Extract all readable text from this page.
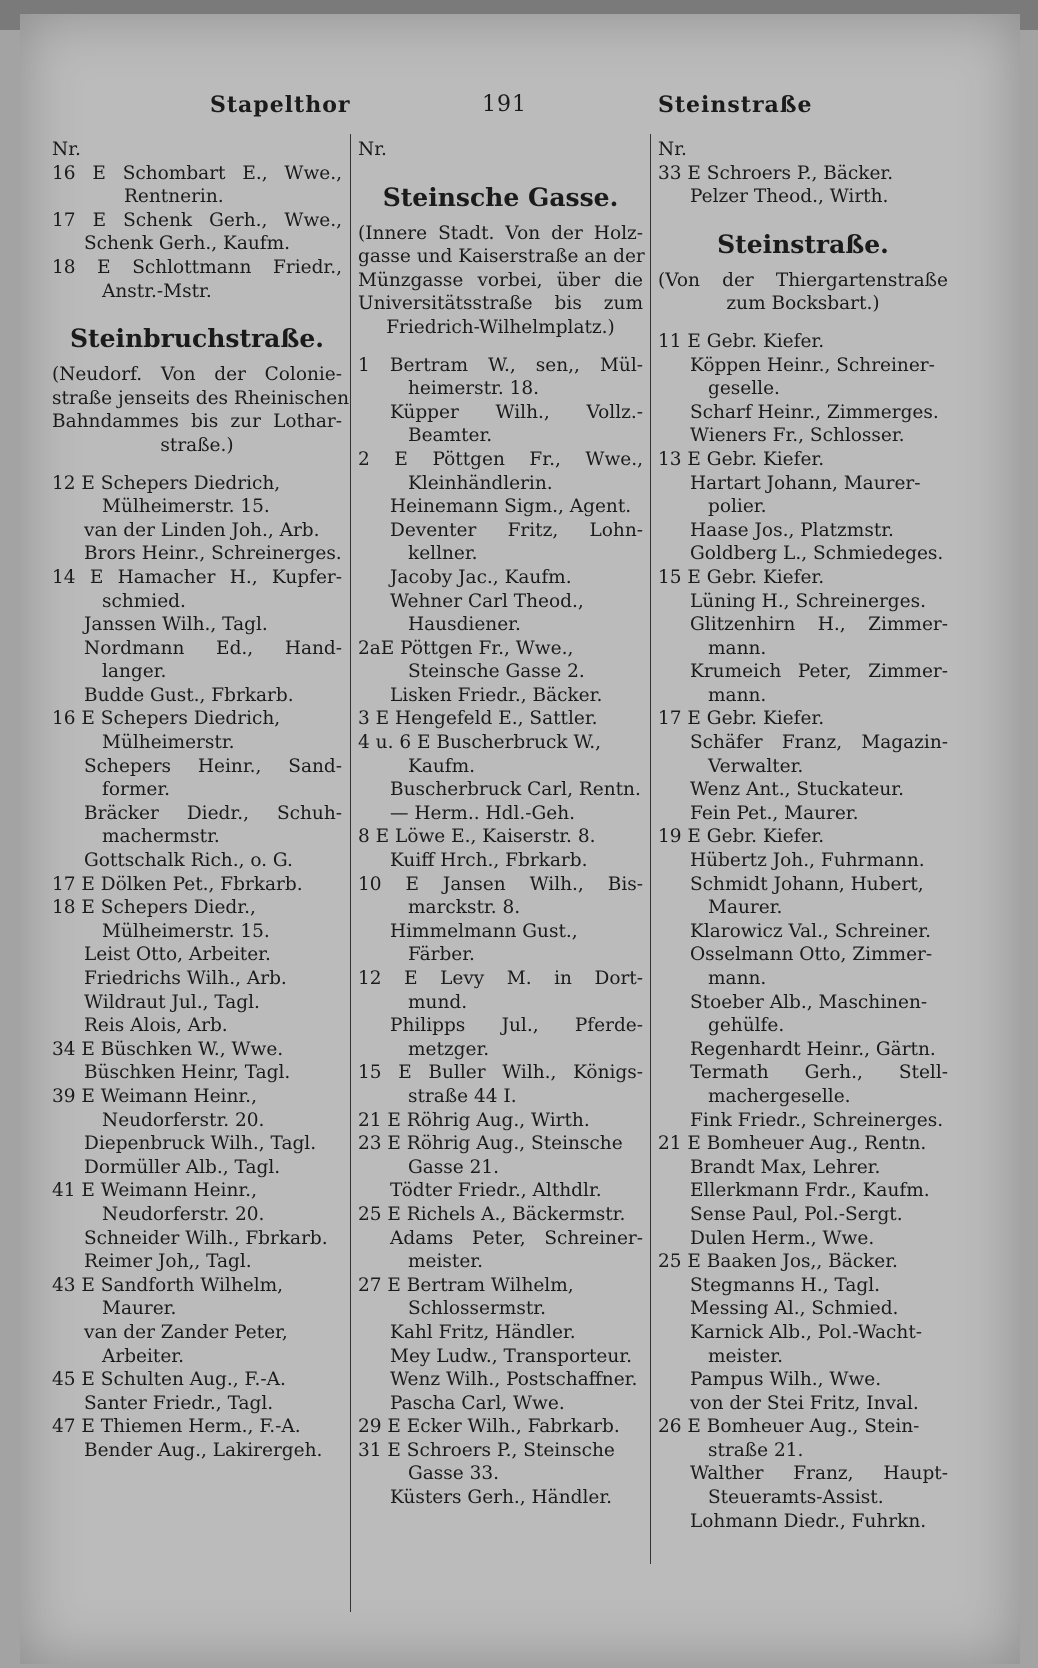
Stapelthor	191	Steinstraße
Nr.
16 E Schombart E., Wwe.,
Rentnerin.
17 E Schenk Gerh., Wwe.,
Schenk Gerh., Kaufm.
18 E Schlottmann Friedr.,
Anstr.-Mstr.
Steinbruchstraße.
(Neudorf. Von der Colonie-
straße jenseits des Rheinischen
Bahndammes bis zur Lothar-
straße.)
12 E Schepers Diedrich,
Mülheimerstr. 15.
van der Linden Joh., Arb.
Brors Heinr., Schreinerges.
14 E Hamacher H., Kupfer-
schmied.
Janssen Wilh., Tagl.
Nordmann Ed., Hand-
langer.
Budde Gust., Fbrkarb.
16 E Schepers Diedrich,
Mülheimerstr.
Schepers Heinr., Sand-
former.
Bräcker Diedr., Schuh-
machermstr.
Gottschalk Rich., o. G.
17 E Dölken Pet., Fbrkarb.
18 E Schepers Diedr.,
Mülheimerstr. 15.
Leist Otto, Arbeiter.
Friedrichs Wilh., Arb.
Wildraut Jul., Tagl.
Reis Alois, Arb.
34 E Büschken W., Wwe.
Büschken Heinr, Tagl.
39 E Weimann Heinr.,
Neudorferstr. 20.
Diepenbruck Wilh., Tagl.
Dormüller Alb., Tagl.
41 E Weimann Heinr.,
Neudorferstr. 20.
Schneider Wilh., Fbrkarb.
Reimer Joh,, Tagl.
43 E Sandforth Wilhelm,
Maurer.
van der Zander Peter,
Arbeiter.
45 E Schulten Aug., F.-A.
Santer Friedr., Tagl.
47 E Thiemen Herm., F.-A.
Bender Aug., Lakirergeh.
Nr.
Steinsche Gasse.
(Innere Stadt. Von der Holz-
gasse und Kaiserstraße an der
Münzgasse vorbei, über die
Universitätsstraße bis zum
Friedrich-Wilhelmplatz.)
1 Bertram W., sen,, Mül-
heimerstr. 18.
Küpper Wilh., Vollz.-
Beamter.
2 E Pöttgen Fr., Wwe.,
Kleinhändlerin.
Heinemann Sigm., Agent.
Deventer Fritz, Lohn-
kellner.
Jacoby Jac., Kaufm.
Wehner Carl Theod.,
Hausdiener.
2aE Pöttgen Fr., Wwe.,
Steinsche Gasse 2.
Lisken Friedr., Bäcker.
3 E Hengefeld E., Sattler.
4 u. 6 E Buscherbruck W.,
Kaufm.
Buscherbruck Carl, Rentn.
— Herm.. Hdl.-Geh.
8 E Löwe E., Kaiserstr. 8.
Kuiff Hrch., Fbrkarb.
10 E Jansen Wilh., Bis-
marckstr. 8.
Himmelmann Gust.,
Färber.
12 E Levy M. in Dort-
mund.
Philipps Jul., Pferde-
metzger.
15 E Buller Wilh., Königs-
straße 44 I.
21 E Röhrig Aug., Wirth.
23 E Röhrig Aug., Steinsche
Gasse 21.
Tödter Friedr., Althdlr.
25 E Richels A., Bäckermstr.
Adams Peter, Schreiner-
meister.
27 E Bertram Wilhelm,
Schlossermstr.
Kahl Fritz, Händler.
Mey Ludw., Transporteur.
Wenz Wilh., Postschaffner.
Pascha Carl, Wwe.
29 E Ecker Wilh., Fabrkarb.
31 E Schroers P., Steinsche
Gasse 33.
Küsters Gerh., Händler.
Nr.
33 E Schroers P., Bäcker.
Pelzer Theod., Wirth.
Steinstraße.
(Von der Thiergartenstraße
zum Bocksbart.)
11 E Gebr. Kiefer.
Köppen Heinr., Schreiner-
geselle.
Scharf Heinr., Zimmerges.
Wieners Fr., Schlosser.
13 E Gebr. Kiefer.
Hartart Johann, Maurer-
polier.
Haase Jos., Platzmstr.
Goldberg L., Schmiedeges.
15 E Gebr. Kiefer.
Lüning H., Schreinerges.
Glitzenhirn H., Zimmer-
mann.
Krumeich Peter, Zimmer-
mann.
17 E Gebr. Kiefer.
Schäfer Franz, Magazin-
Verwalter.
Wenz Ant., Stuckateur.
Fein Pet., Maurer.
19 E Gebr. Kiefer.
Hübertz Joh., Fuhrmann.
Schmidt Johann, Hubert,
Maurer.
Klarowicz Val., Schreiner.
Osselmann Otto, Zimmer-
mann.
Stoeber Alb., Maschinen-
gehülfe.
Regenhardt Heinr., Gärtn.
Termath Gerh., Stell-
machergeselle.
Fink Friedr., Schreinerges.
21 E Bomheuer Aug., Rentn.
Brandt Max, Lehrer.
Ellerkmann Frdr., Kaufm.
Sense Paul, Pol.-Sergt.
Dulen Herm., Wwe.
25 E Baaken Jos,, Bäcker.
Stegmanns H., Tagl.
Messing Al., Schmied.
Karnick Alb., Pol.-Wacht-
meister.
Pampus Wilh., Wwe.
von der Stei Fritz, Inval.
26 E Bomheuer Aug., Stein-
straße 21.
Walther Franz, Haupt-
Steueramts-Assist.
Lohmann Diedr., Fuhrkn.
